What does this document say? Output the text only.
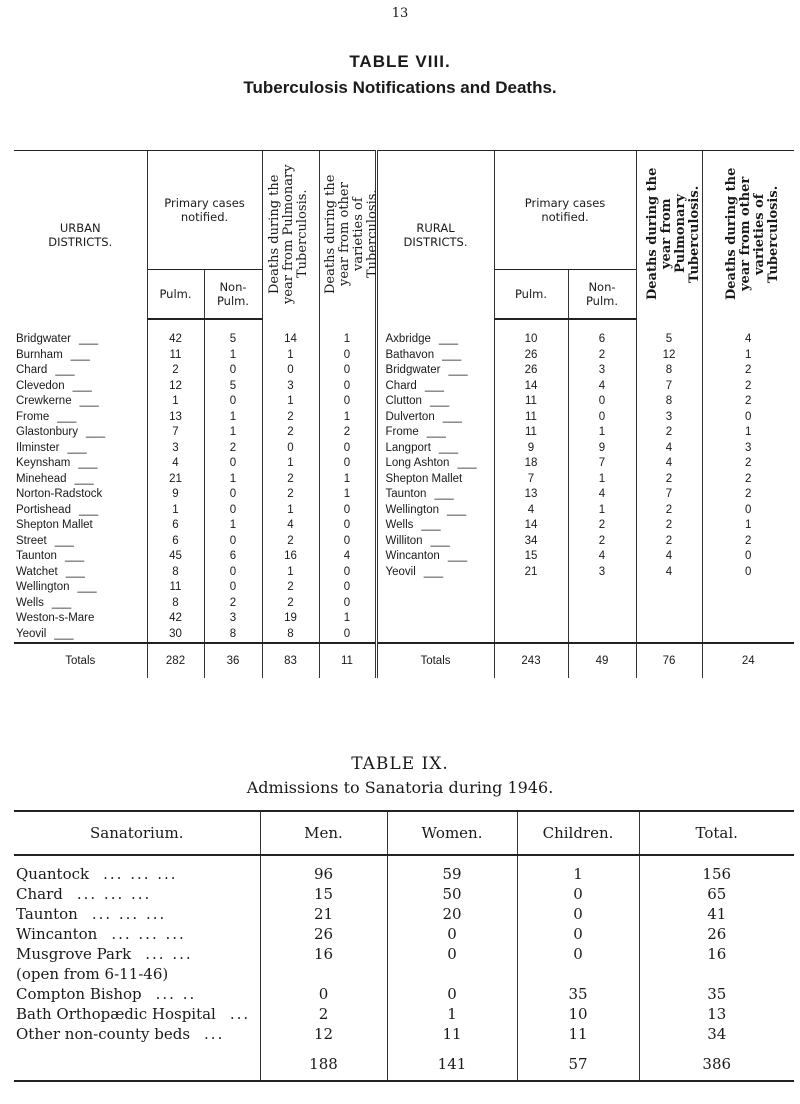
13
TABLE VIII.
Tuberculosis Notifications and Deaths.
URBAN DISTRICTS.	Primary cases notified.		Deaths during the year from Pulmonary Tuberculosis.	Deaths during the year from other varieties of Tuberculosis.	RURAL DISTRICTS.	Primary cases notified.		Deaths during the year from Pulmonary Tuberculosis.	Deaths during the year from other varieties of Tuberculosis.
	Pulm.	Non- Pulm.				Pulm.	Non- Pulm.		
Bridgwater ___	42	5	14	1	Axbridge ___	10	6	5	4
Burnham ___	11	1	1	0	Bathavon ___	26	2	12	1
Chard ___	2	0	0	0	Bridgwater ___	26	3	8	2
Clevedon ___	12	5	3	0	Chard ___	14	4	7	2
Crewkerne ___	1	0	1	0	Clutton ___	11	0	8	2
Frome ___	13	1	2	1	Dulverton ___	11	0	3	0
Glastonbury ___	7	1	2	2	Frome ___	11	1	2	1
Ilminster ___	3	2	0	0	Langport ___	9	9	4	3
Keynsham ___	4	0	1	0	Long Ashton ___	18	7	4	2
Minehead ___	21	1	2	1	Shepton Mallet	7	1	2	2
Norton-Radstock	9	0	2	1	Taunton ___	13	4	7	2
Portishead ___	1	0	1	0	Wellington ___	4	1	2	0
Shepton Mallet	6	1	4	0	Wells ___	14	2	2	1
Street ___	6	0	2	0	Williton ___	34	2	2	2
Taunton ___	45	6	16	4	Wincanton ___	15	4	4	0
Watchet ___	8	0	1	0	Yeovil ___	21	3	4	0
Wellington ___	11	0	2	0					
Wells ___	8	2	2	0					
Weston-s-Mare	42	3	19	1					
Yeovil ___	30	8	8	0					
Totals	282	36	83	11	Totals	243	49	76	24
TABLE IX.
Admissions to Sanatoria during 1946.
Sanatorium.	Men.	Women.	Children.	Total.
Quantock ... ... ...	96	59	1	156
Chard ... ... ...	15	50	0	65
Taunton ... ... ...	21	20	0	41
Wincanton ... ... ...	26	0	0	26
Musgrove Park ... ...	16	0	0	16
(open from 6-11-46)				
Compton Bishop ... ..	0	0	35	35
Bath Orthopædic Hospital ...	2	1	10	13
Other non-county beds ...	12	11	11	34
	188	141	57	386
